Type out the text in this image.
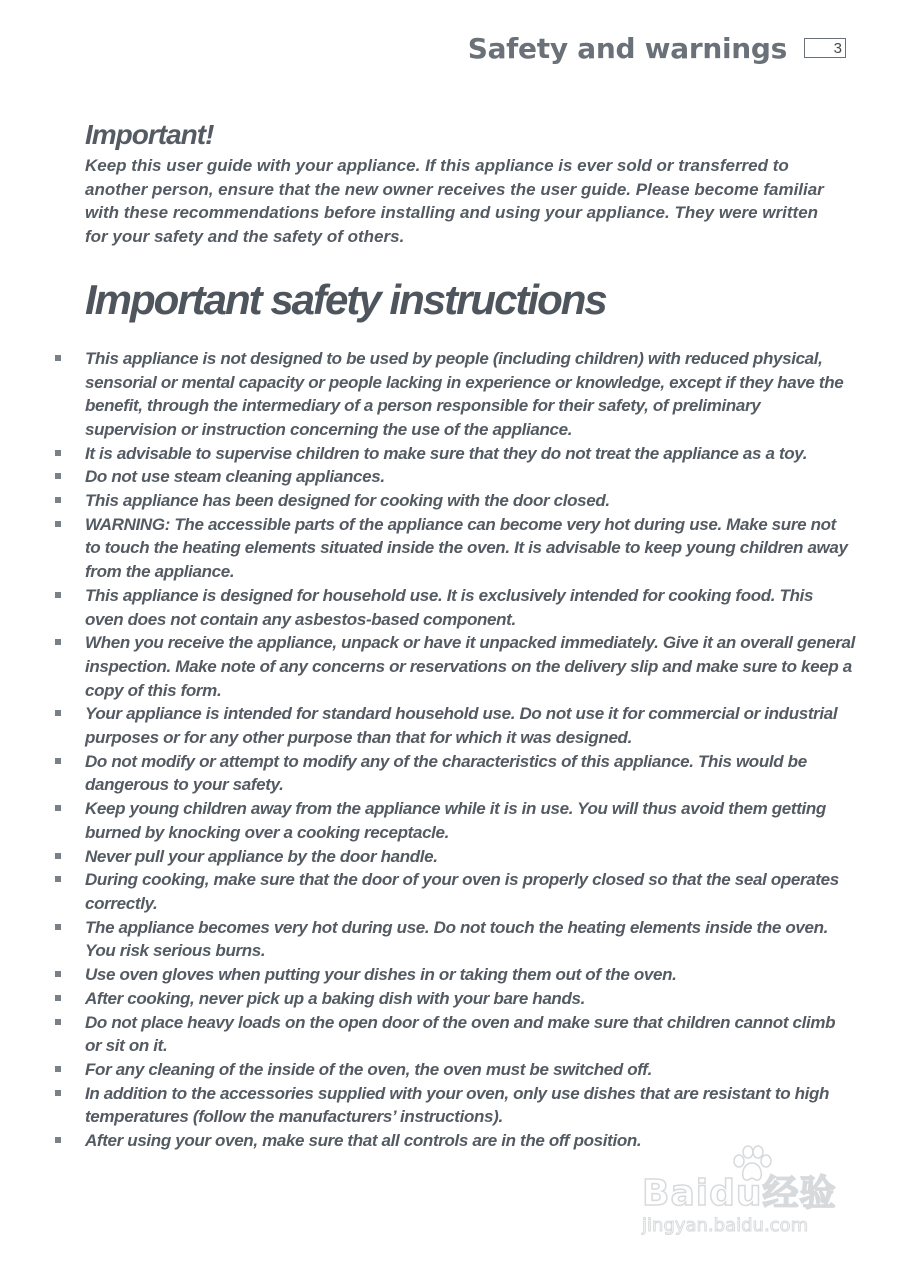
Safety and warnings	3
Important!

Keep this user guide with your appliance. If this appliance is ever sold or transferred to another person, ensure that the new owner receives the user guide. Please become familiar with these recommendations before installing and using your appliance. They were written for your safety and the safety of others.

Important safety instructions
This appliance is not designed to be used by people (including children) with reduced physical, sensorial or mental capacity or people lacking in experience or knowledge, except if they have the benefit, through the intermediary of a person responsible for their safety, of preliminary supervision or instruction concerning the use of the appliance.
It is advisable to supervise children to make sure that they do not treat the appliance as a toy.
Do not use steam cleaning appliances.
This appliance has been designed for cooking with the door closed.
WARNING: The accessible parts of the appliance can become very hot during use. Make sure not to touch the heating elements situated inside the oven. It is advisable to keep young children away from the appliance.
This appliance is designed for household use. It is exclusively intended for cooking food. This oven does not contain any asbestos-based component.
When you receive the appliance, unpack or have it unpacked immediately. Give it an overall general inspection. Make note of any concerns or reservations on the delivery slip and make sure to keep a copy of this form.
Your appliance is intended for standard household use. Do not use it for commercial or industrial purposes or for any other purpose than that for which it was designed.
Do not modify or attempt to modify any of the characteristics of this appliance. This would be dangerous to your safety.
Keep young children away from the appliance while it is in use. You will thus avoid them getting burned by knocking over a cooking receptacle.
Never pull your appliance by the door handle.
During cooking, make sure that the door of your oven is properly closed so that the seal operates correctly.
The appliance becomes very hot during use. Do not touch the heating elements inside the oven. You risk serious burns.
Use oven gloves when putting your dishes in or taking them out of the oven.
After cooking, never pick up a baking dish with your bare hands.
Do not place heavy loads on the open door of the oven and make sure that children cannot climb or sit on it.
For any cleaning of the inside of the oven, the oven must be switched off.
In addition to the accessories supplied with your oven, only use dishes that are resistant to high temperatures (follow the manufacturers’ instructions).
After using your oven, make sure that all controls are in the off position.
Baidu经验
jingyan.baidu.com
